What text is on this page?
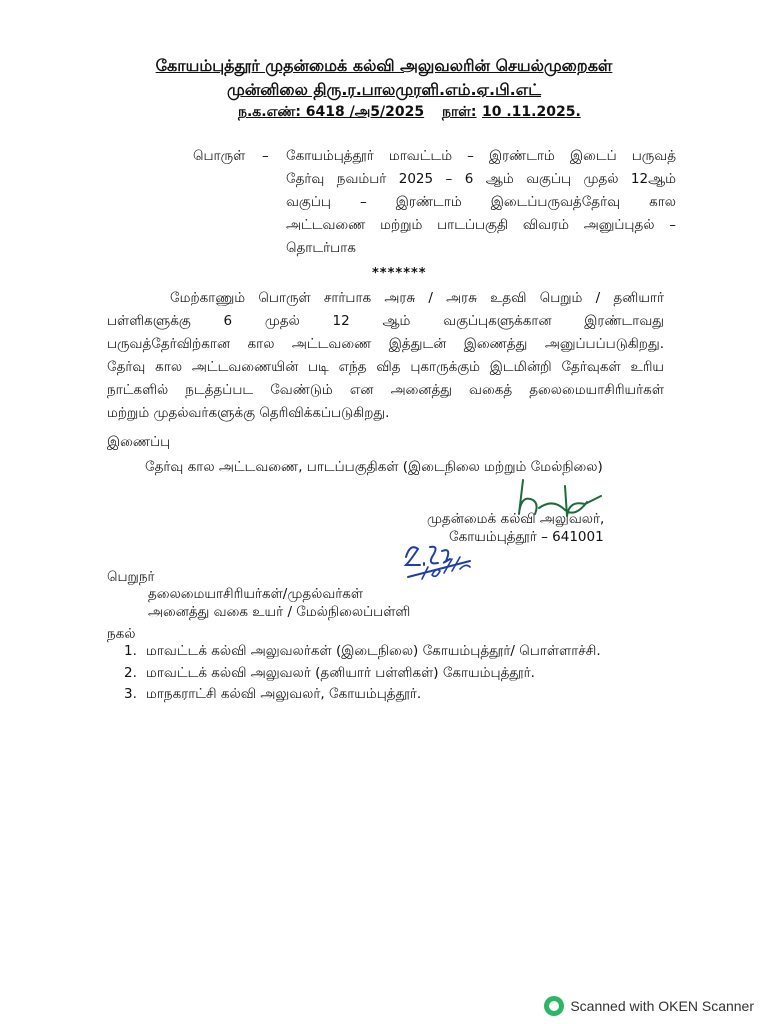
கோயம்புத்தூர் முதன்மைக் கல்வி அலுவலரின் செயல்முறைகள்
முன்னிலை திரு.ர.பாலமுரளி.எம்.ஏ.பி.எட்
ந.க.எண்: 6418 /அ5/2025 நாள்: 10 .11.2025.
பொருள் – கோயம்புத்தூர் மாவட்டம் – இரண்டாம் இடைப் பருவத்
தேர்வு நவம்பர் 2025 – 6 ஆம் வகுப்பு முதல் 12ஆம்
வகுப்பு – இரண்டாம் இடைப்பருவத்தேர்வு கால
அட்டவணை மற்றும் பாடப்பகுதி விவரம் அனுப்புதல் –
தொடர்பாக
*******
மேற்காணும் பொருள் சார்பாக அரசு / அரசு உதவி பெறும் / தனியார்
பள்ளிகளுக்கு 6 முதல் 12 ஆம் வகுப்புகளுக்கான இரண்டாவது
பருவத்தேர்விற்கான கால அட்டவணை இத்துடன் இணைத்து அனுப்பப்படுகிறது.
தேர்வு கால அட்டவணையின் படி எந்த வித புகாருக்கும் இடமின்றி தேர்வுகள் உரிய
நாட்களில் நடத்தப்பட வேண்டும் என அனைத்து வகைத் தலைமையாசிரியர்கள்
மற்றும் முதல்வர்களுக்கு தெரிவிக்கப்படுகிறது.
இணைப்பு
தேர்வு கால அட்டவணை, பாடப்பகுதிகள் (இடைநிலை மற்றும் மேல்நிலை)
முதன்மைக் கல்வி அலுவலர்,
கோயம்புத்தூர் – 641001
பெறுநர்
தலைமையாசிரியர்கள்/முதல்வர்கள்
அனைத்து வகை உயர் / மேல்நிலைப்பள்ளி
நகல்
1. மாவட்டக் கல்வி அலுவலர்கள் (இடைநிலை) கோயம்புத்தூர்/ பொள்ளாச்சி.
2. மாவட்டக் கல்வி அலுவலர் (தனியார் பள்ளிகள்) கோயம்புத்தூர்.
3. மாநகராட்சி கல்வி அலுவலர், கோயம்புத்தூர்.
Scanned with OKEN Scanner
